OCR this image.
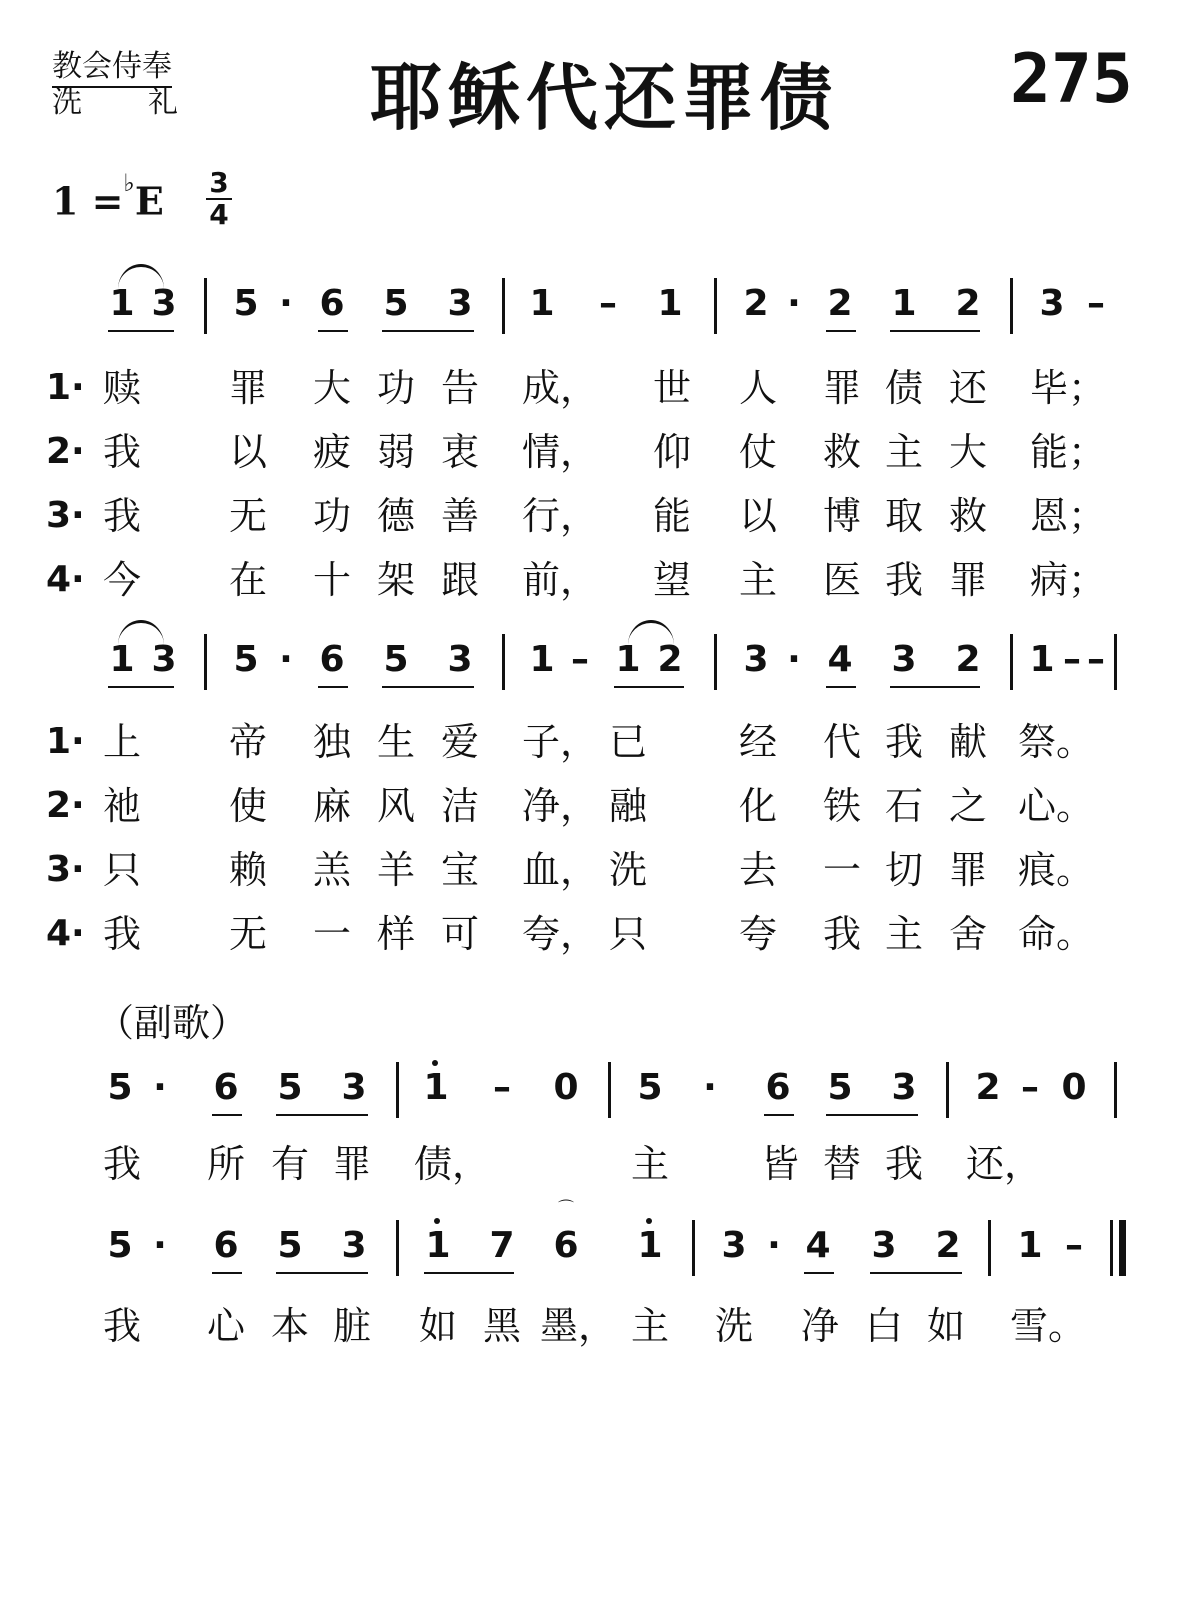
教会侍奉
洗 礼	耶稣代还罪债	275
1 =♭E 3
4
1 3 5 · 6 5 3 1 – 1 2 · 2 1 2 3 –
1· 赎 罪 大 功 告 成， 世 人 罪 债 还 毕；
2· 我 以 疲 弱 衷 情， 仰 仗 救 主 大 能；
3· 我 无 功 德 善 行， 能 以 博 取 救 恩；
4· 今 在 十 架 跟 前， 望 主 医 我 罪 病；
1 3 5 · 6 5 3 1 – 1 2 3 · 4 3 2 1 – –
1· 上 帝 独 生 爱 子， 已 经 代 我 献 祭。
2· 祂 使 麻 风 洁 净， 融 化 铁 石 之 心。
3· 只 赖 羔 羊 宝 血， 洗 去 一 切 罪 痕。
4· 我 无 一 样 可 夸， 只 夸 我 主 舍 命。
（副歌）
5 ·	6 5 3 1 – 0 5	·	6 5 3 2 – 0
我 所 有 罪 债，	主 皆 替 我 还，
5 ·	6 5 3 1 7
⌒
6 1 3 · 4 3 2 1 –
我 心 本 脏 如 黑 墨， 主 洗 净 白 如 雪。
